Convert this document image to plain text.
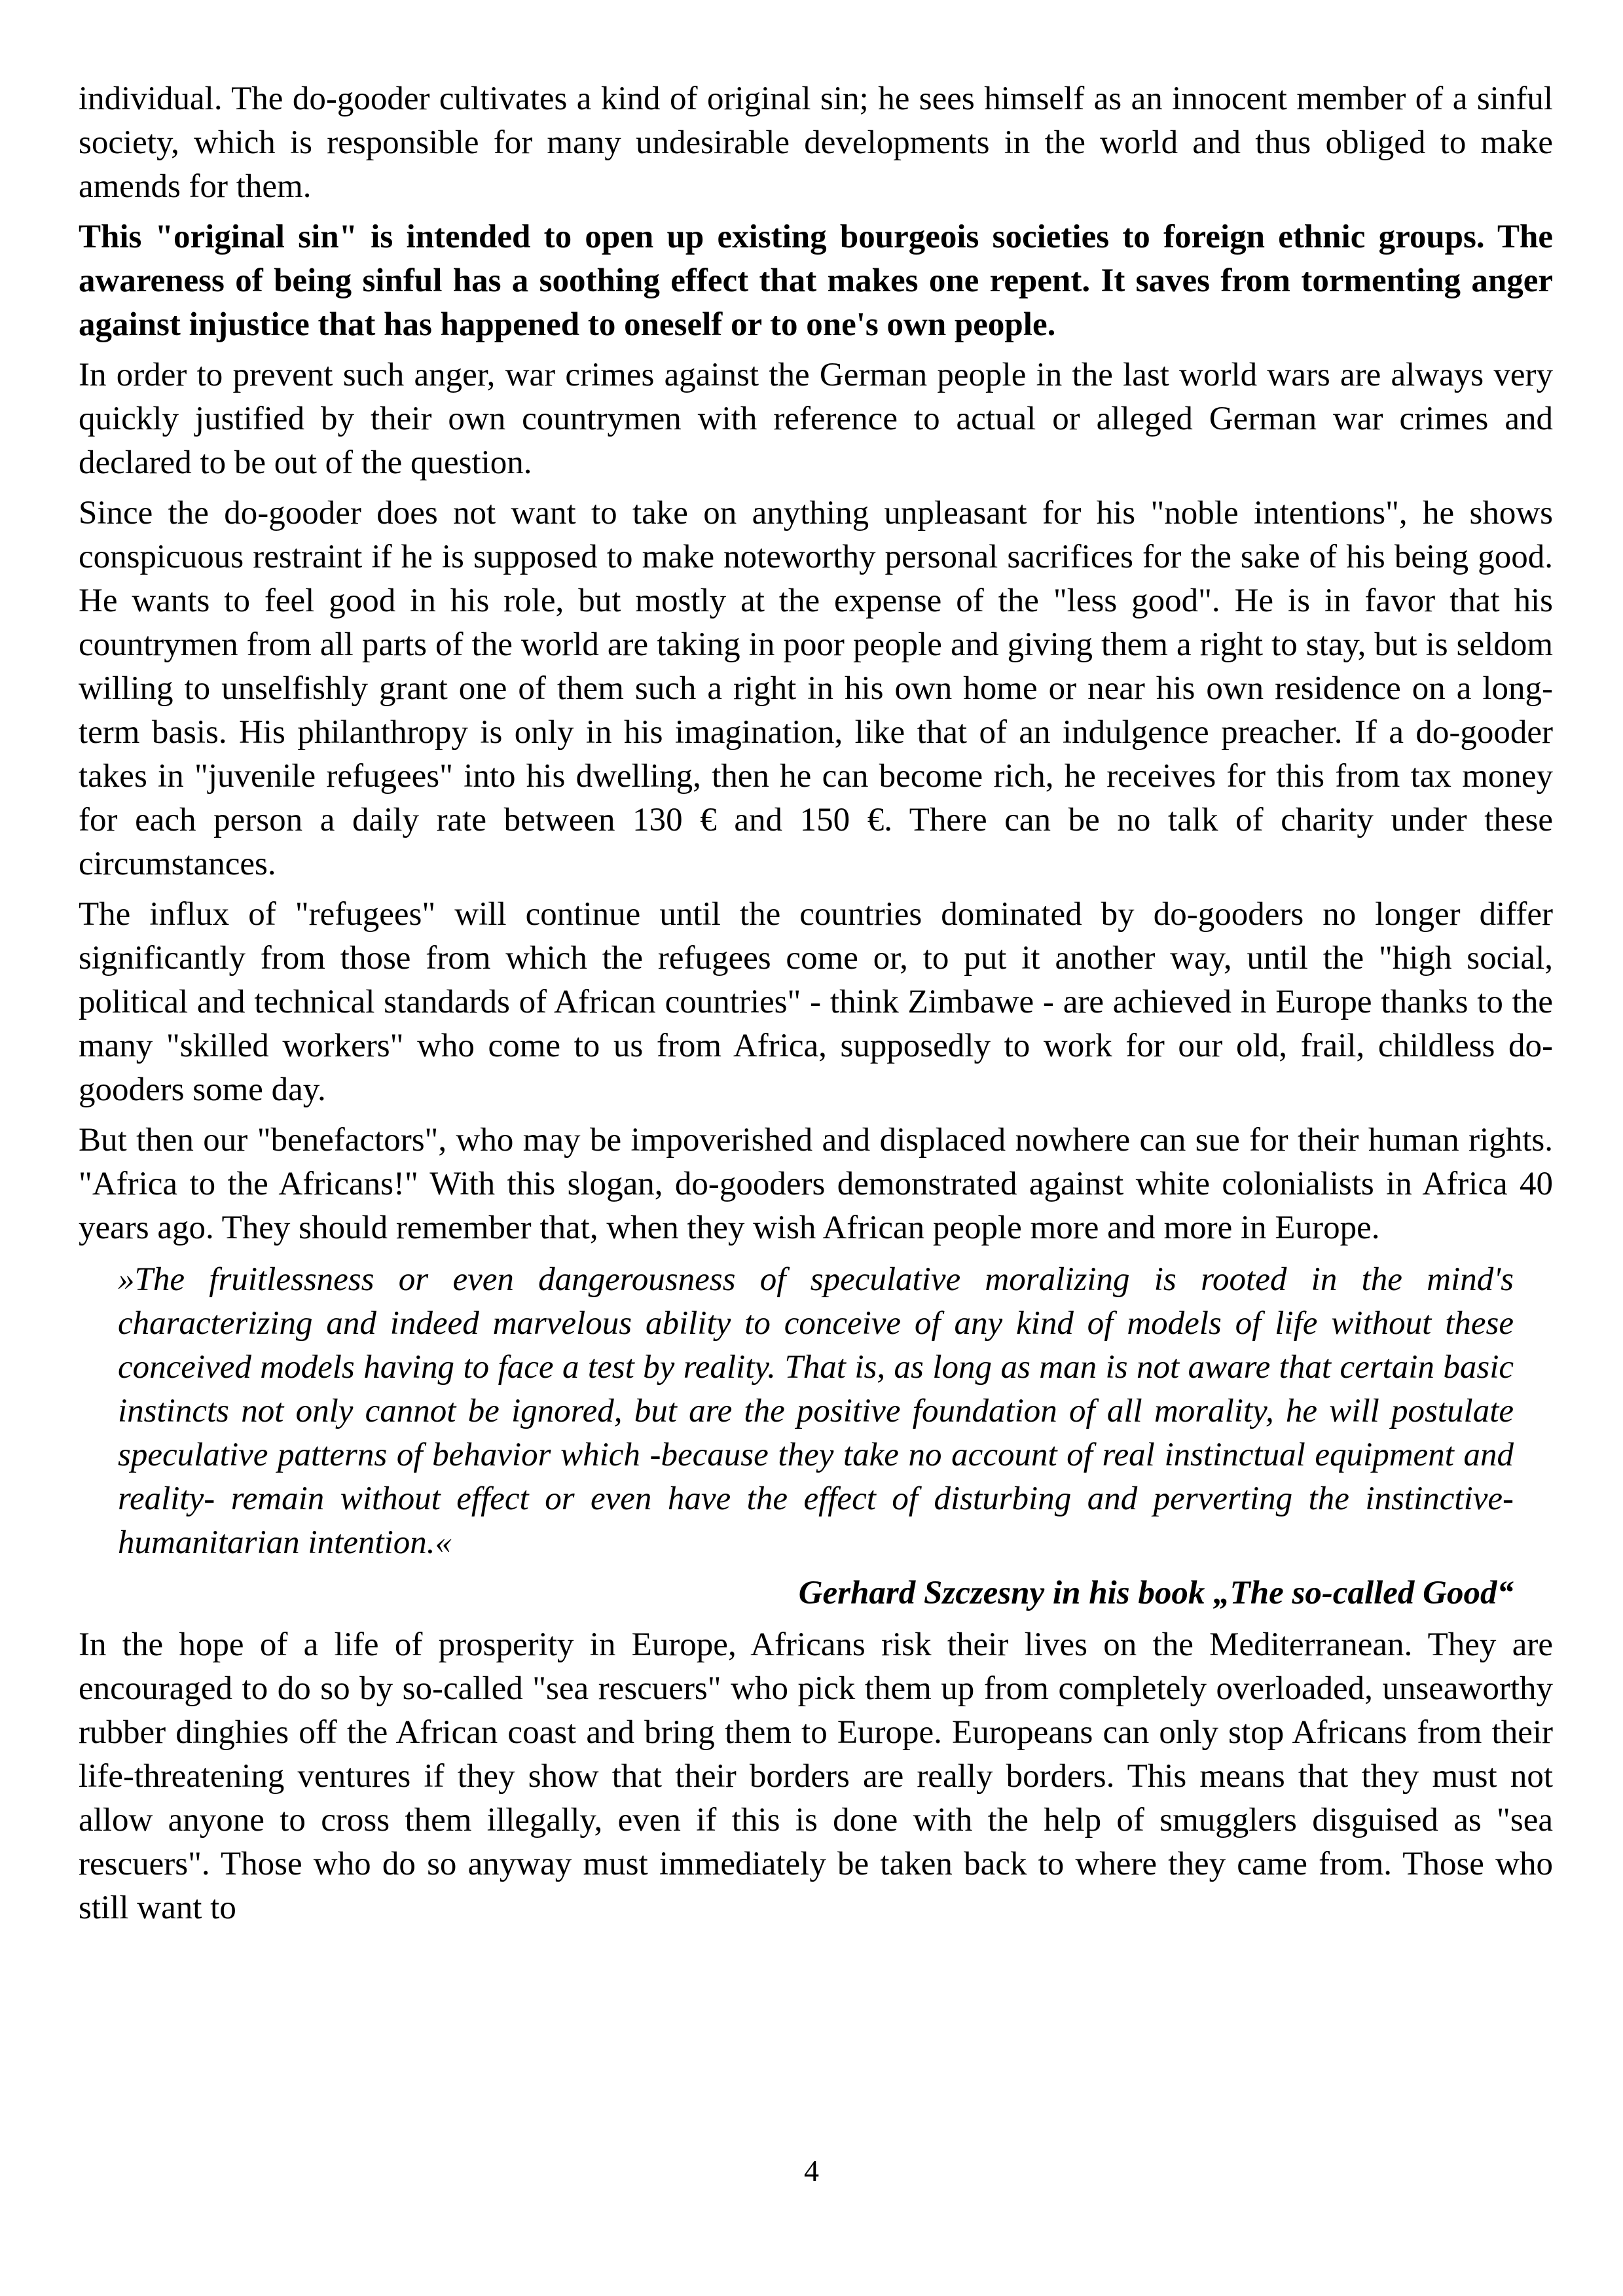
individual. The do-gooder cultivates a kind of original sin; he sees himself as an innocent member of a sinful society, which is responsible for many undesirable developments in the world and thus obliged to make amends for them.

This "original sin" is intended to open up existing bourgeois societies to foreign ethnic groups. The awareness of being sinful has a soothing effect that makes one repent. It saves from tormenting anger against injustice that has happened to oneself or to one's own people.

In order to prevent such anger, war crimes against the German people in the last world wars are always very quickly justified by their own countrymen with reference to actual or alleged German war crimes and declared to be out of the question.

Since the do-gooder does not want to take on anything unpleasant for his "noble intentions", he shows conspicuous restraint if he is supposed to make noteworthy personal sacrifices for the sake of his being good. He wants to feel good in his role, but mostly at the expense of the "less good". He is in favor that his countrymen from all parts of the world are taking in poor people and giving them a right to stay, but is seldom willing to unselfishly grant one of them such a right in his own home or near his own residence on a long-term basis. His philanthropy is only in his imagination, like that of an indulgence preacher. If a do-gooder takes in "juvenile refugees" into his dwelling, then he can become rich, he receives for this from tax money for each person a daily rate between 130 € and 150 €. There can be no talk of charity under these circumstances.

The influx of "refugees" will continue until the countries dominated by do-gooders no longer differ significantly from those from which the refugees come or, to put it another way, until the "high social, political and technical standards of African countries" - think Zimbawe - are achieved in Europe thanks to the many "skilled workers" who come to us from Africa, supposedly to work for our old, frail, childless do-gooders some day.

But then our "benefactors", who may be impoverished and displaced nowhere can sue for their human rights. "Africa to the Africans!" With this slogan, do-gooders demonstrated against white colonialists in Africa 40 years ago. They should remember that, when they wish African people more and more in Europe.

»The fruitlessness or even dangerousness of speculative moralizing is rooted in the mind's characterizing and indeed marvelous ability to conceive of any kind of models of life without these conceived models having to face a test by reality. That is, as long as man is not aware that certain basic instincts not only cannot be ignored, but are the positive foundation of all morality, he will postulate speculative patterns of behavior which -because they take no account of real instinctual equipment and reality- remain without effect or even have the effect of disturbing and perverting the instinctive-humanitarian intention.«

Gerhard Szczesny in his book „The so-called Good“

In the hope of a life of prosperity in Europe, Africans risk their lives on the Mediterranean. They are encouraged to do so by so-called "sea rescuers" who pick them up from completely overloaded, unseaworthy rubber dinghies off the African coast and bring them to Europe. Europeans can only stop Africans from their life-threatening ventures if they show that their borders are really borders. This means that they must not allow anyone to cross them illegally, even if this is done with the help of smugglers disguised as "sea rescuers". Those who do so anyway must immediately be taken back to where they came from. Those who still want to

4
